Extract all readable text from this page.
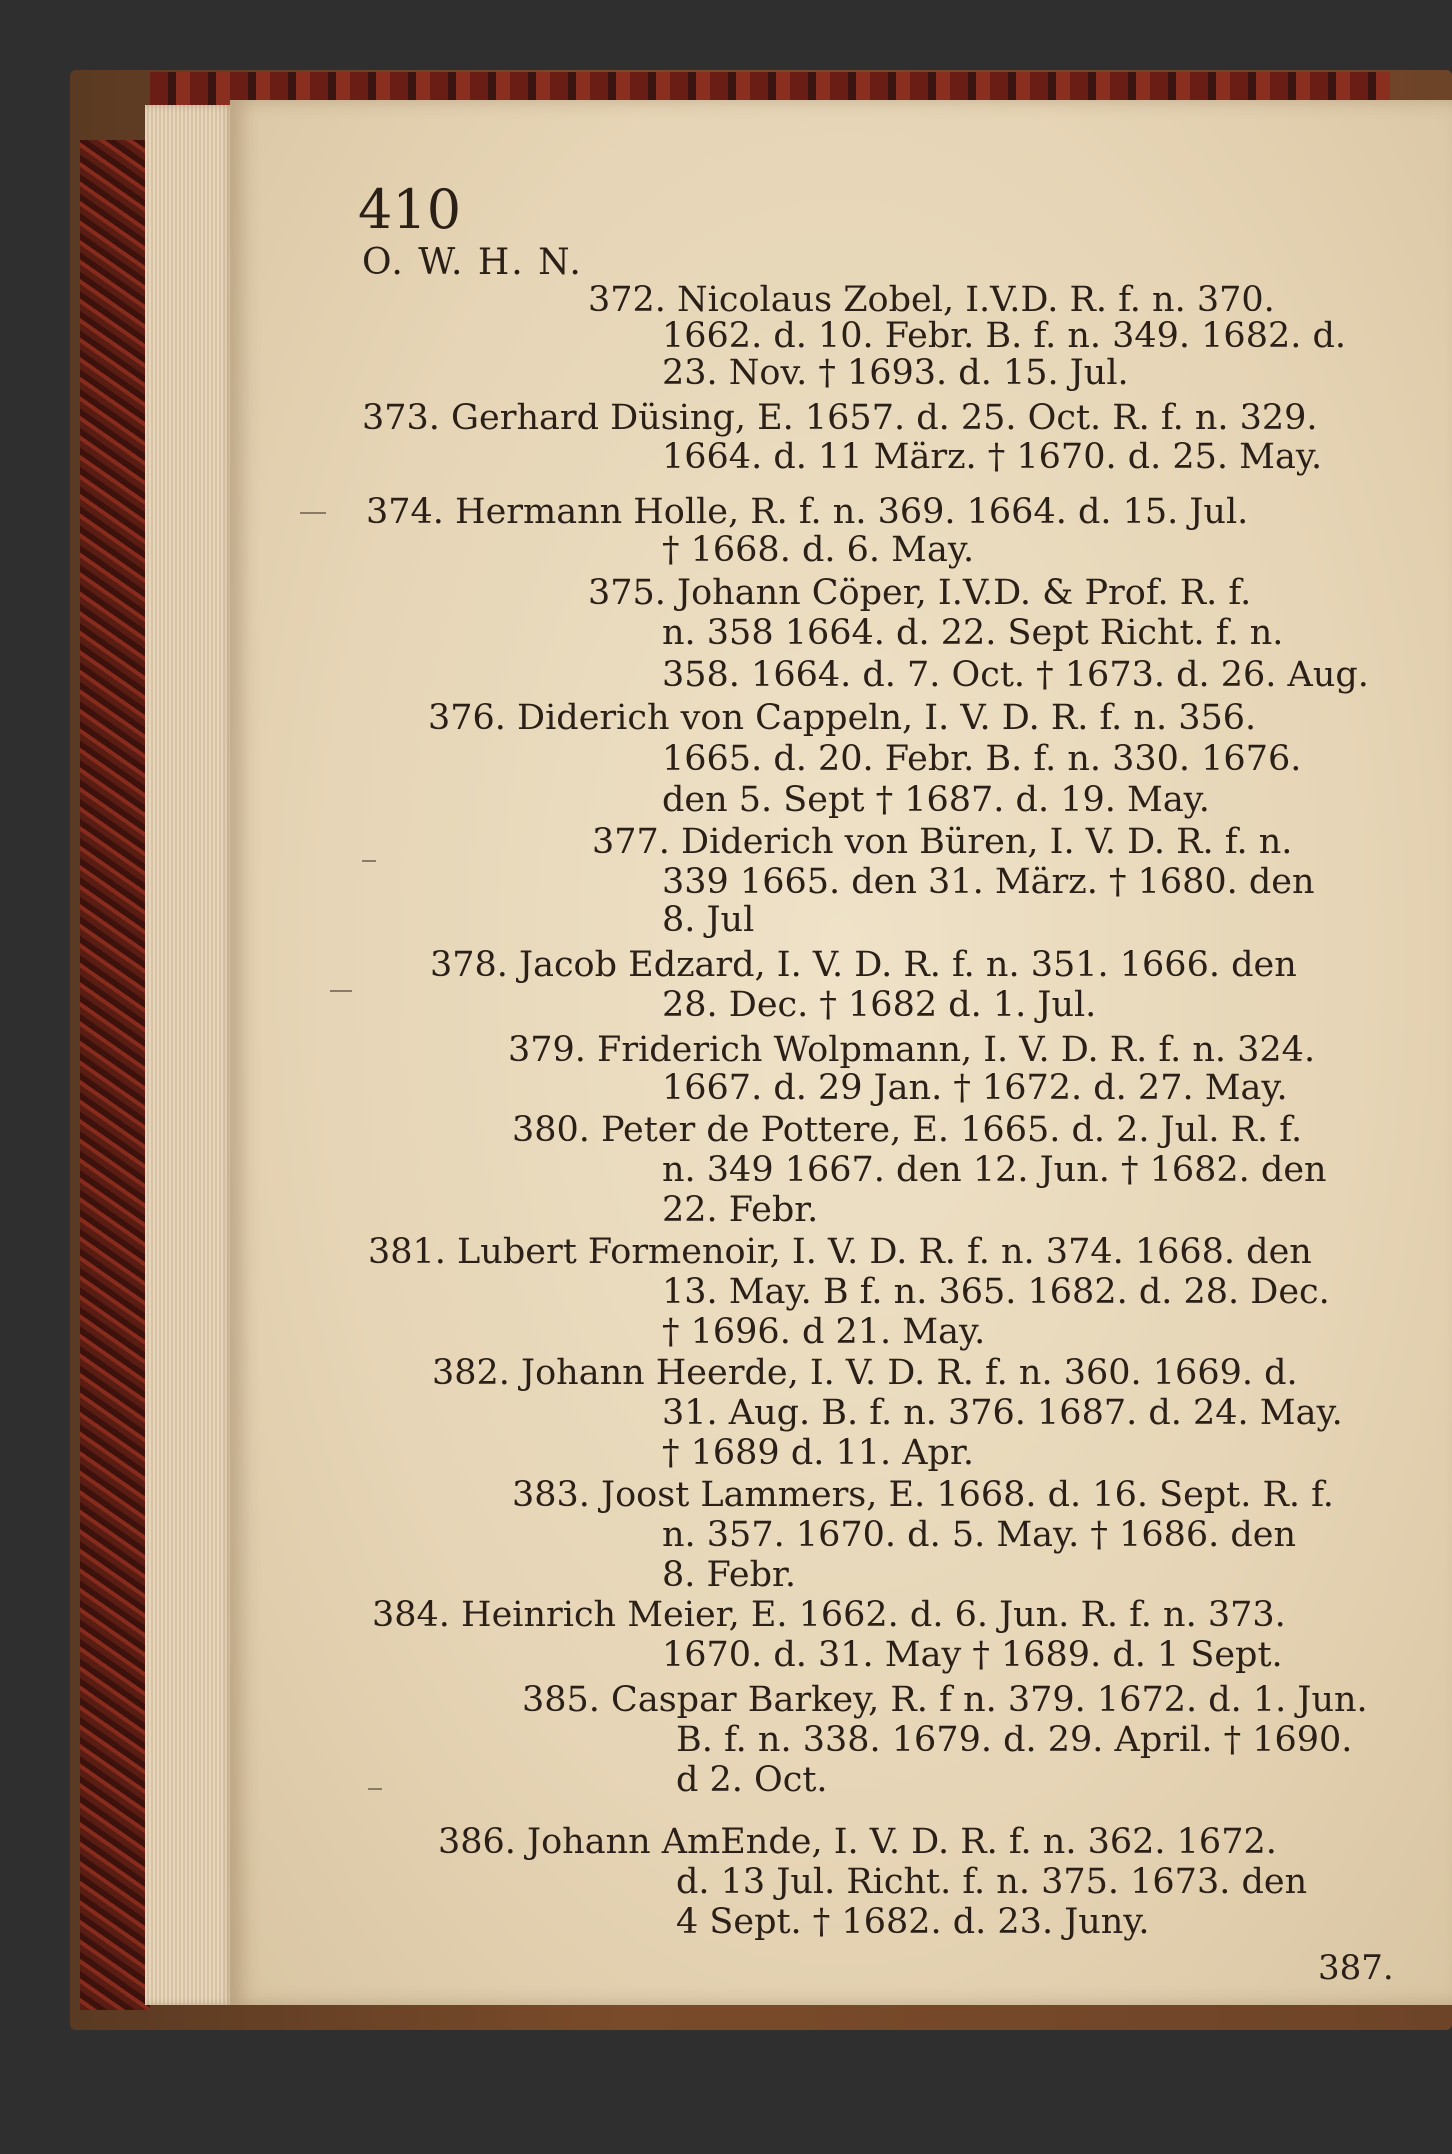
410
O. W. H. N.
372. Nicolaus Zobel, I.V.D. R. f. n. 370.
1662. d. 10. Febr. B. f. n. 349. 1682. d.
23. Nov. † 1693. d. 15. Jul.
373. Gerhard Düsing, E. 1657. d. 25. Oct. R. f. n. 329.
1664. d. 11 März. † 1670. d. 25. May.
374. Hermann Holle, R. f. n. 369. 1664. d. 15. Jul.
† 1668. d. 6. May.
375. Johann Cöper, I.V.D. & Prof. R. f.
n. 358 1664. d. 22. Sept Richt. f. n.
358. 1664. d. 7. Oct. † 1673. d. 26. Aug.
376. Diderich von Cappeln, I. V. D. R. f. n. 356.
1665. d. 20. Febr. B. f. n. 330. 1676.
den 5. Sept † 1687. d. 19. May.
377. Diderich von Büren, I. V. D. R. f. n.
339 1665. den 31. März. † 1680. den
8. Jul
378. Jacob Edzard, I. V. D. R. f. n. 351. 1666. den
28. Dec. † 1682 d. 1. Jul.
379. Friderich Wolpmann, I. V. D. R. f. n. 324.
1667. d. 29 Jan. † 1672. d. 27. May.
380. Peter de Pottere, E. 1665. d. 2. Jul. R. f.
n. 349 1667. den 12. Jun. † 1682. den
22. Febr.
381. Lubert Formenoir, I. V. D. R. f. n. 374. 1668. den
13. May. B f. n. 365. 1682. d. 28. Dec.
† 1696. d 21. May.
382. Johann Heerde, I. V. D. R. f. n. 360. 1669. d.
31. Aug. B. f. n. 376. 1687. d. 24. May.
† 1689 d. 11. Apr.
383. Joost Lammers, E. 1668. d. 16. Sept. R. f.
n. 357. 1670. d. 5. May. † 1686. den
8. Febr.
384. Heinrich Meier, E. 1662. d. 6. Jun. R. f. n. 373.
1670. d. 31. May † 1689. d. 1 Sept.
385. Caspar Barkey, R. f n. 379. 1672. d. 1. Jun.
B. f. n. 338. 1679. d. 29. April. † 1690.
d 2. Oct.
386. Johann AmEnde, I. V. D. R. f. n. 362. 1672.
d. 13 Jul. Richt. f. n. 375. 1673. den
4 Sept. † 1682. d. 23. Juny.
387.
